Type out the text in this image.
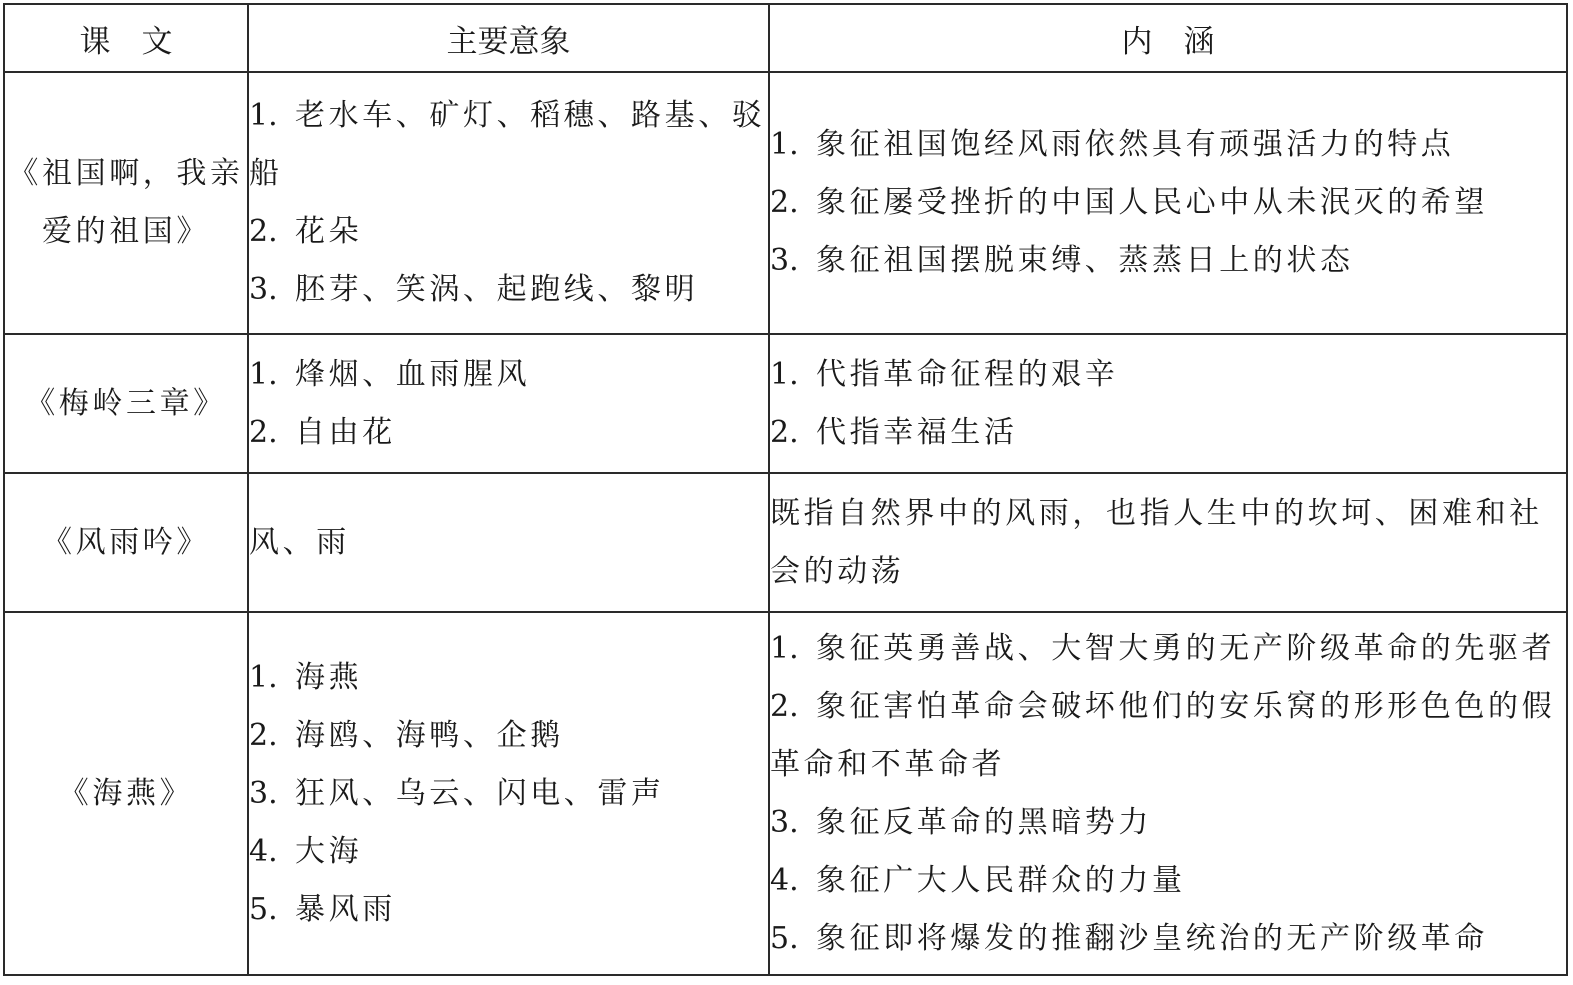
课　文	主要意象	内　涵
《祖国啊，我亲爱的祖国》	1. 老水车、矿灯、稻穗、路基、驳船
2. 花朵
3. 胚芽、笑涡、起跑线、黎明	1. 象征祖国饱经风雨依然具有顽强活力的特点
2. 象征屡受挫折的中国人民心中从未泯灭的希望
3. 象征祖国摆脱束缚、蒸蒸日上的状态

《梅岭三章》	1. 烽烟、血雨腥风
2. 自由花	1. 代指革命征程的艰辛
2. 代指幸福生活

《风雨吟》	风、雨	既指自然界中的风雨，也指人生中的坎坷、困难和社会的动荡

《海燕》	1. 海燕
2. 海鸥、海鸭、企鹅
3. 狂风、乌云、闪电、雷声
4. 大海
5. 暴风雨	1. 象征英勇善战、大智大勇的无产阶级革命的先驱者
2. 象征害怕革命会破坏他们的安乐窝的形形色色的假革命和不革命者
3. 象征反革命的黑暗势力
4. 象征广大人民群众的力量
5. 象征即将爆发的推翻沙皇统治的无产阶级革命
